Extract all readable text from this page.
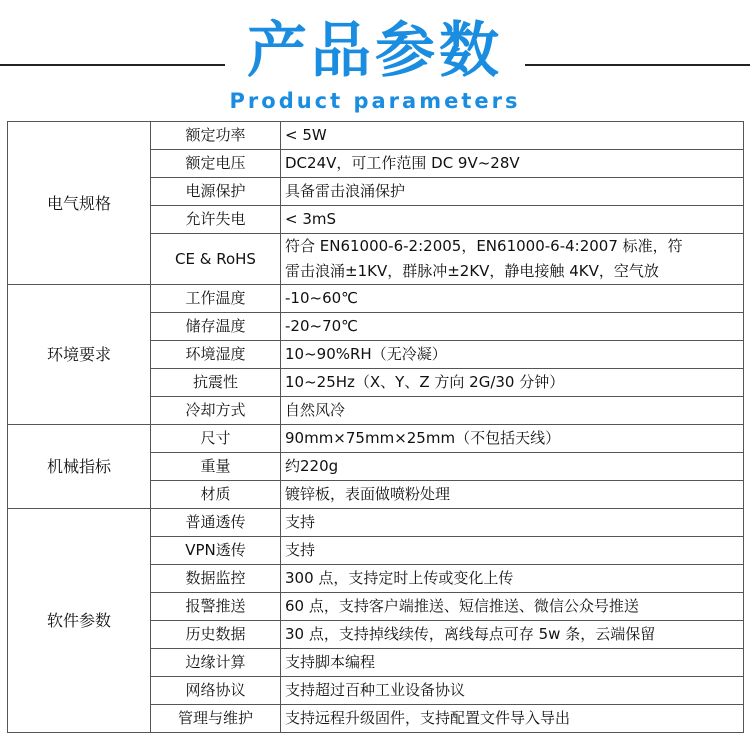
产品参数
Product parameters
电气规格	额定功率	< 5W
	额定电压	DC24V，可工作范围 DC 9V~28V
	电源保护	具备雷击浪涌保护
	允许失电	< 3mS
	CE & RoHS	符合 EN61000-6-2:2005，EN61000-6-4:2007 标准，符
雷击浪涌±1KV，群脉冲±2KV，静电接触 4KV，空气放

环境要求	工作温度	-10~60℃
	储存温度	-20~70℃
	环境湿度	10~90%RH（无冷凝）
	抗震性	10~25Hz（X、Y、Z 方向 2G/30 分钟）
	冷却方式	自然风冷
机械指标	尺寸	90mm×75mm×25mm（不包括天线）
	重量	约220g
	材质	镀锌板，表面做喷粉处理
软件参数	普通透传	支持
	VPN透传	支持
	数据监控	300 点，支持定时上传或变化上传
	报警推送	60 点，支持客户端推送、短信推送、微信公众号推送
	历史数据	30 点，支持掉线续传，离线每点可存 5w 条，云端保留
	边缘计算	支持脚本编程
	网络协议	支持超过百种工业设备协议
	管理与维护	支持远程升级固件，支持配置文件导入导出
